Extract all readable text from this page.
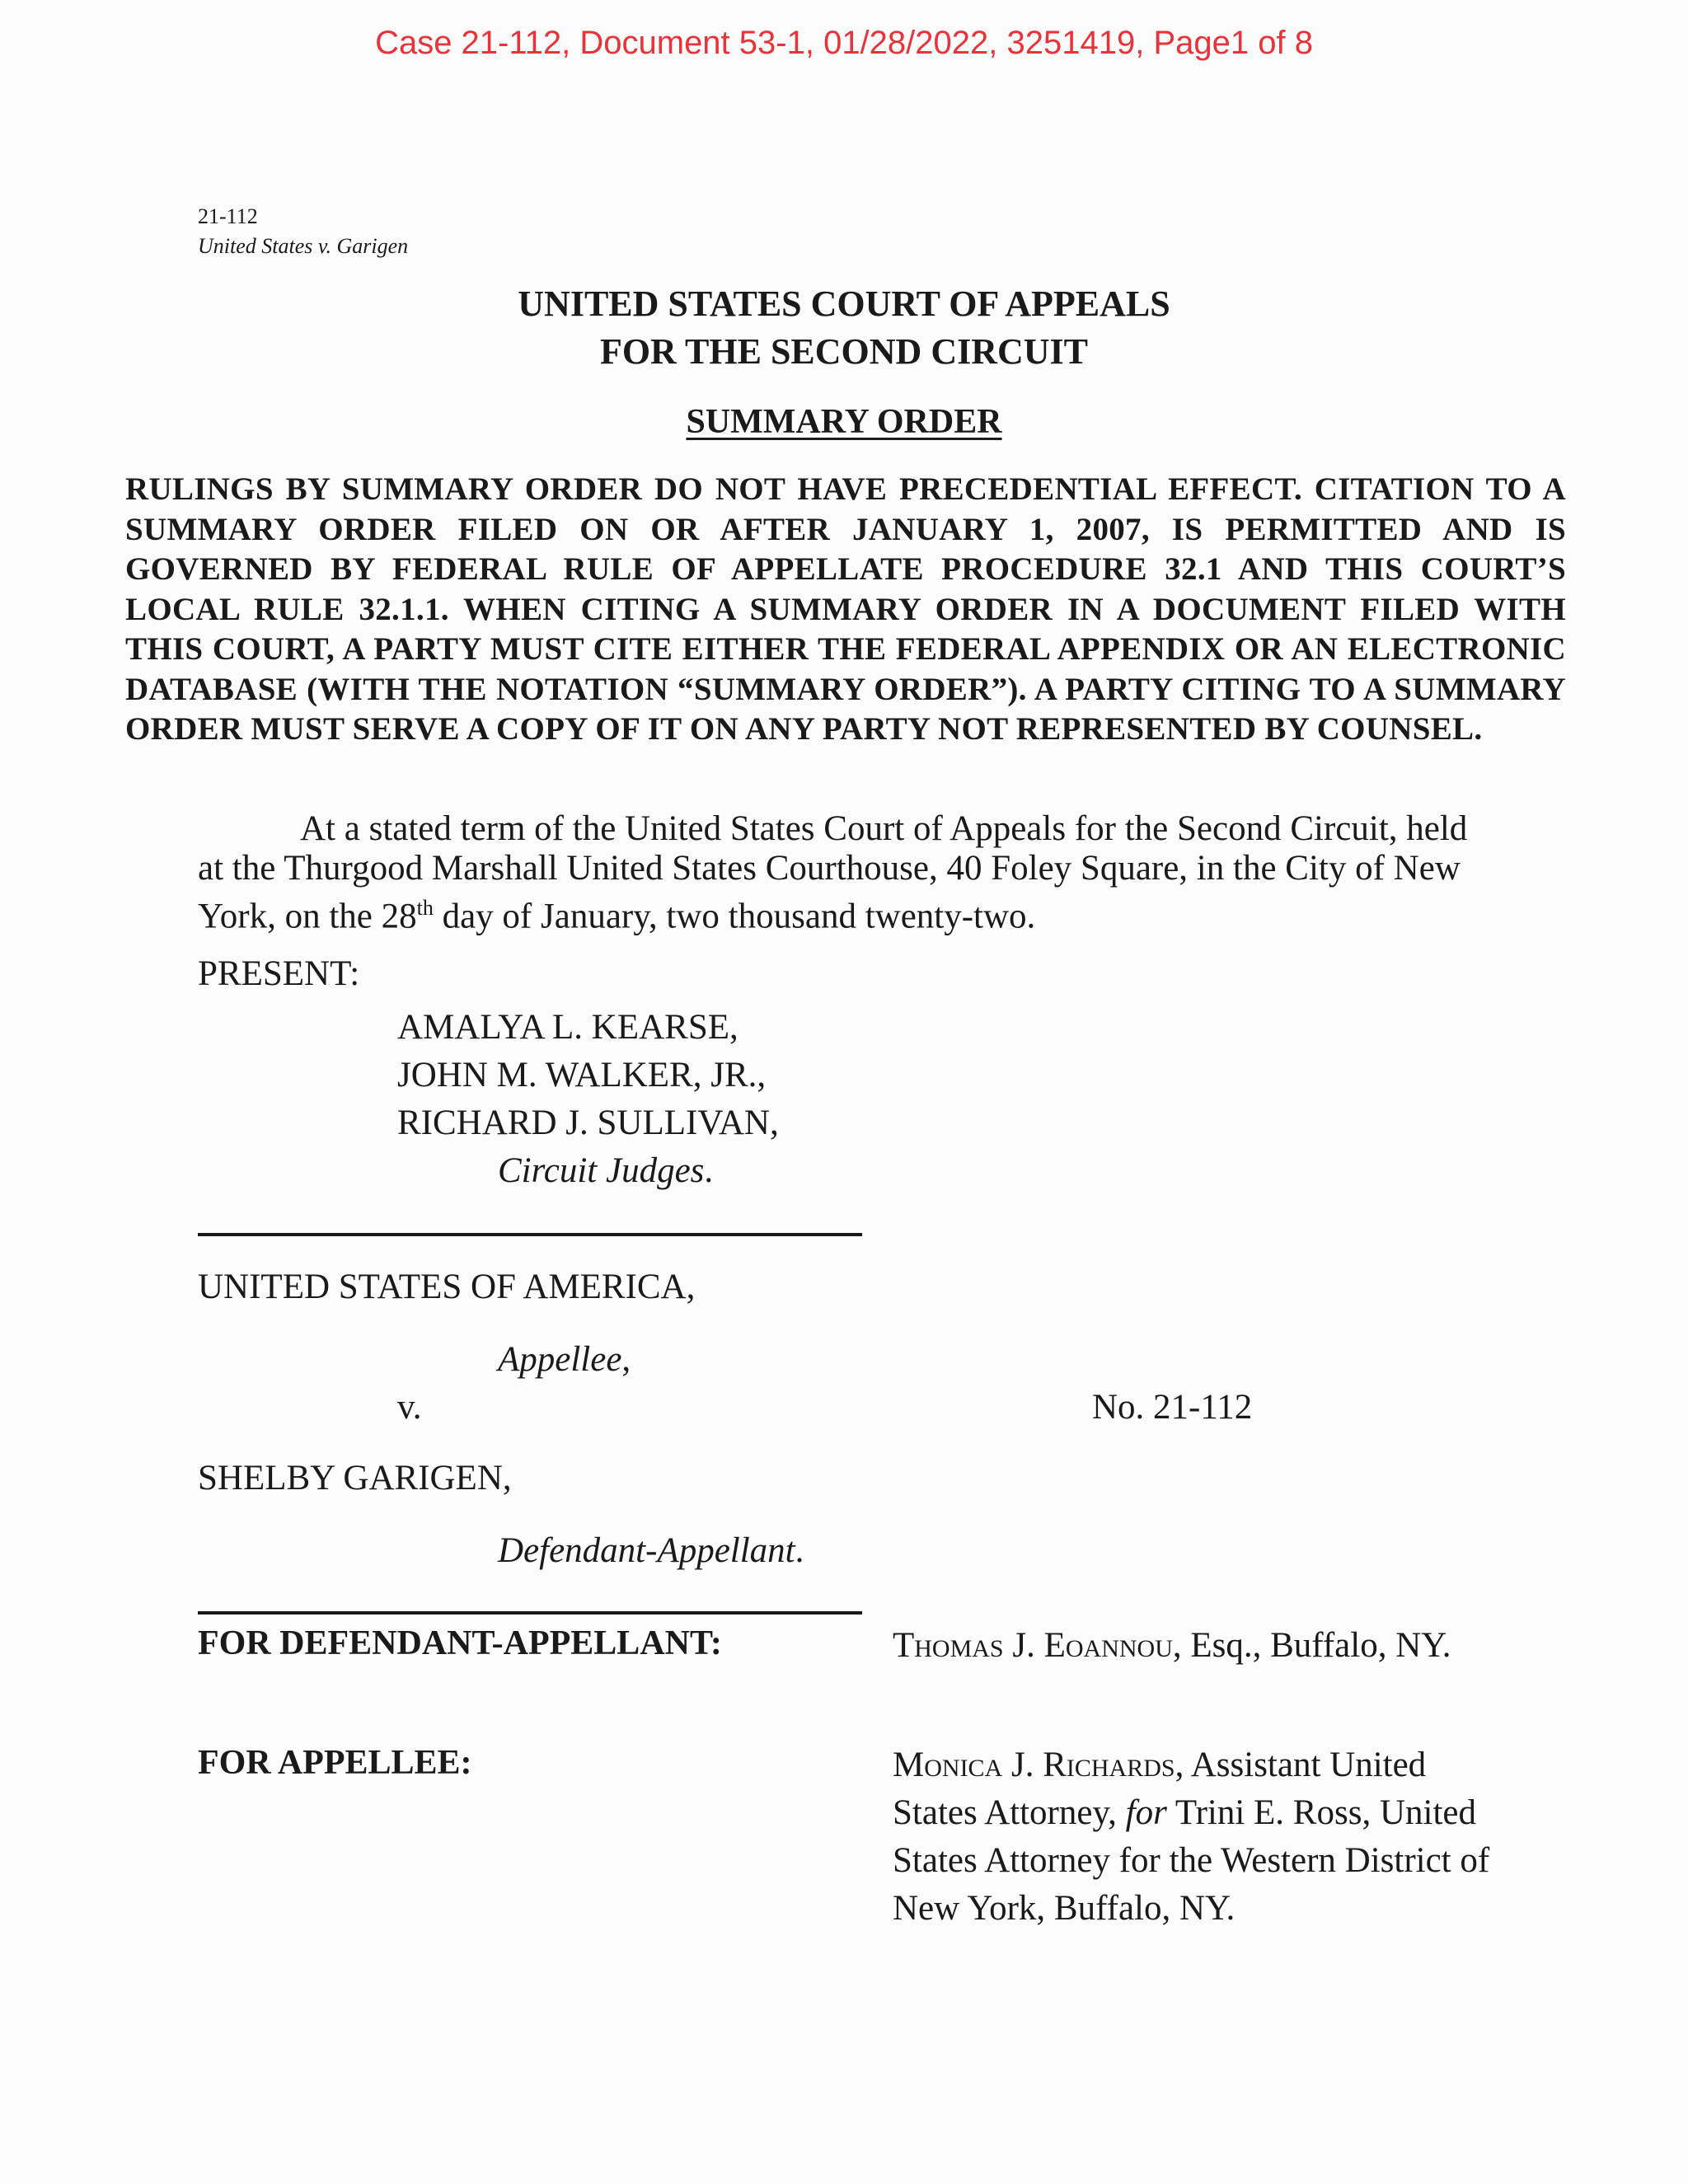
Case 21-112, Document 53-1, 01/28/2022, 3251419, Page1 of 8
21-112
United States v. Garigen
UNITED STATES COURT OF APPEALS
FOR THE SECOND CIRCUIT
SUMMARY ORDER
RULINGS BY SUMMARY ORDER DO NOT HAVE PRECEDENTIAL EFFECT. CITATION TO A SUMMARY ORDER FILED ON OR AFTER JANUARY 1, 2007, IS PERMITTED AND IS GOVERNED BY FEDERAL RULE OF APPELLATE PROCEDURE 32.1 AND THIS COURT’S LOCAL RULE 32.1.1. WHEN CITING A SUMMARY ORDER IN A DOCUMENT FILED WITH THIS COURT, A PARTY MUST CITE EITHER THE FEDERAL APPENDIX OR AN ELECTRONIC DATABASE (WITH THE NOTATION “SUMMARY ORDER”). A PARTY CITING TO A SUMMARY ORDER MUST SERVE A COPY OF IT ON ANY PARTY NOT REPRESENTED BY COUNSEL.
At a stated term of the United States Court of Appeals for the Second Circuit, held at the Thurgood Marshall United States Courthouse, 40 Foley Square, in the City of New York, on the 28th day of January, two thousand twenty-two.
PRESENT:
AMALYA L. KEARSE,
JOHN M. WALKER, JR.,
RICHARD J. SULLIVAN,
Circuit Judges.
UNITED STATES OF AMERICA,
Appellee,
v.	No. 21-112
SHELBY GARIGEN,
Defendant-Appellant.
FOR DEFENDANT-APPELLANT:	Thomas J. Eoannou, Esq., Buffalo, NY.
FOR APPELLEE:	Monica J. Richards, Assistant United States Attorney, for Trini E. Ross, United States Attorney for the Western District of New York, Buffalo, NY.
